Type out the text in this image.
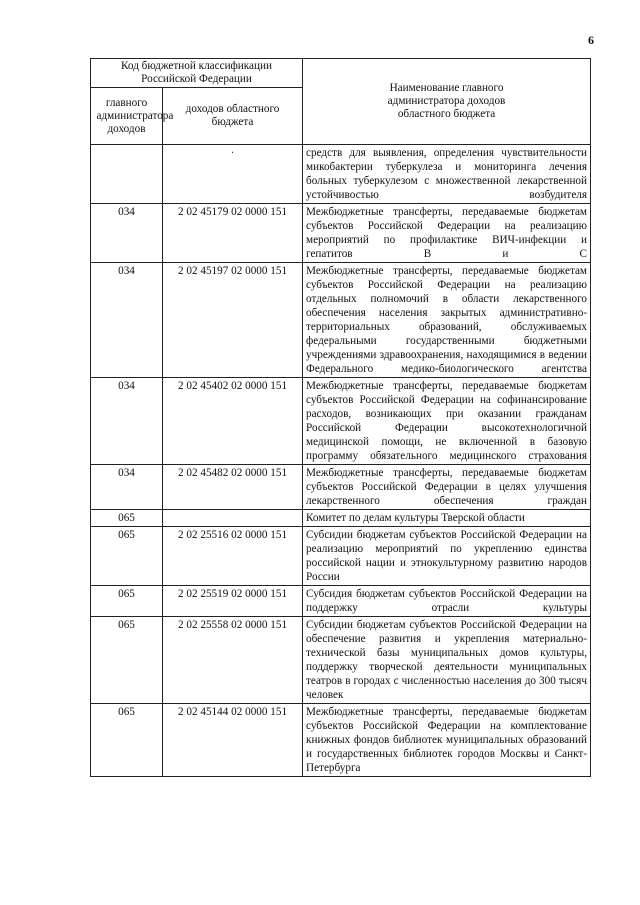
6
Код бюджетной классификации Российской Федерации		Наименование главного администратора доходов областного бюджета

главного администратора доходов	доходов областного бюджета	

	·	средств для выявления, определения чувствительности микобактерии туберкулеза и мониторинга лечения больных туберкулезом с множественной лекарственной устойчивостью возбудителя
034	2 02 45179 02 0000 151	Межбюджетные трансферты, передаваемые бюджетам субъектов Российской Федерации на реализацию мероприятий по профилактике ВИЧ-инфекции и гепатитов В и С
034	2 02 45197 02 0000 151	Межбюджетные трансферты, передаваемые бюджетам субъектов Российской Федерации на реализацию отдельных полномочий в области лекарственного обеспечения населения закрытых административно-территориальных образований, обслуживаемых федеральными государственными бюджетными учреждениями здравоохранения, находящимися в ведении Федерального медико-биологического агентства
034	2 02 45402 02 0000 151	Межбюджетные трансферты, передаваемые бюджетам субъектов Российской Федерации на софинансирование расходов, возникающих при оказании гражданам Российской Федерации высокотехнологичной медицинской помощи, не включенной в базовую программу обязательного медицинского страхования
034	2 02 45482 02 0000 151	Межбюджетные трансферты, передаваемые бюджетам субъектов Российской Федерации в целях улучшения лекарственного обеспечения граждан
065		Комитет по делам культуры Тверской области
065	2 02 25516 02 0000 151	Субсидии бюджетам субъектов Российской Федерации на реализацию мероприятий по укреплению единства российской нации и этнокультурному развитию народов России
065	2 02 25519 02 0000 151	Субсидия бюджетам субъектов Российской Федерации на поддержку отрасли культуры
065	2 02 25558 02 0000 151	Субсидии бюджетам субъектов Российской Федерации на обеспечение развития и укрепления материально-технической базы муниципальных домов культуры, поддержку творческой деятельности муниципальных театров в городах с численностью населения до 300 тысяч человек
065	2 02 45144 02 0000 151	Межбюджетные трансферты, передаваемые бюджетам субъектов Российской Федерации на комплектование книжных фондов библиотек муниципальных образований и государственных библиотек городов Москвы и Санкт-Петербурга
